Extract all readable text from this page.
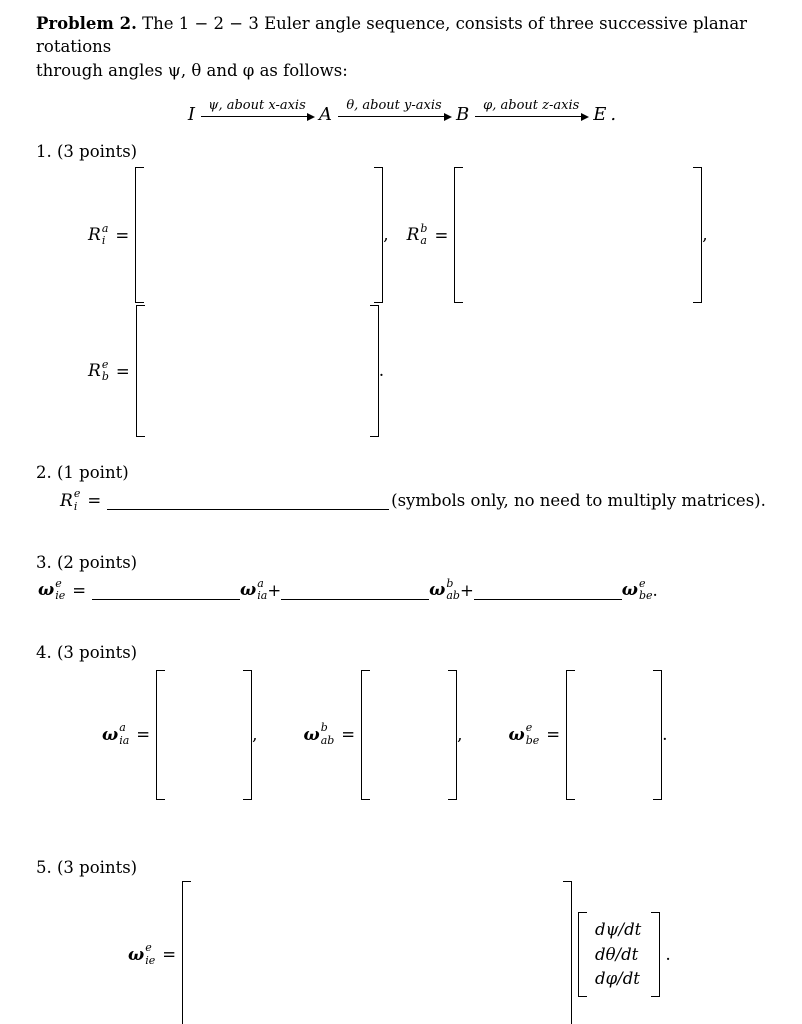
Problem 2. The 1 − 2 − 3 Euler angle sequence, consists of three successive planar rotations
through angles ψ, θ and φ as follows:

I ψ, about x-axis A θ, about y-axis B φ, about z-axis E .
1. (3 points)
R a
i =	, R b
a =	,
R e
b =	.
2. (1 point)
R e
i =	(symbols only, no need to multiply matrices).
3. (2 points)
ω e
ie =	ω a
ia +	ω b
ab +	ω e
be .
4. (3 points)
ω a
ia =	,	ω b
ab =	,	ω e
be =	.
5. (3 points)
ω e
ie =
dψ/dt
dθ/dt
dφ/dt
.
